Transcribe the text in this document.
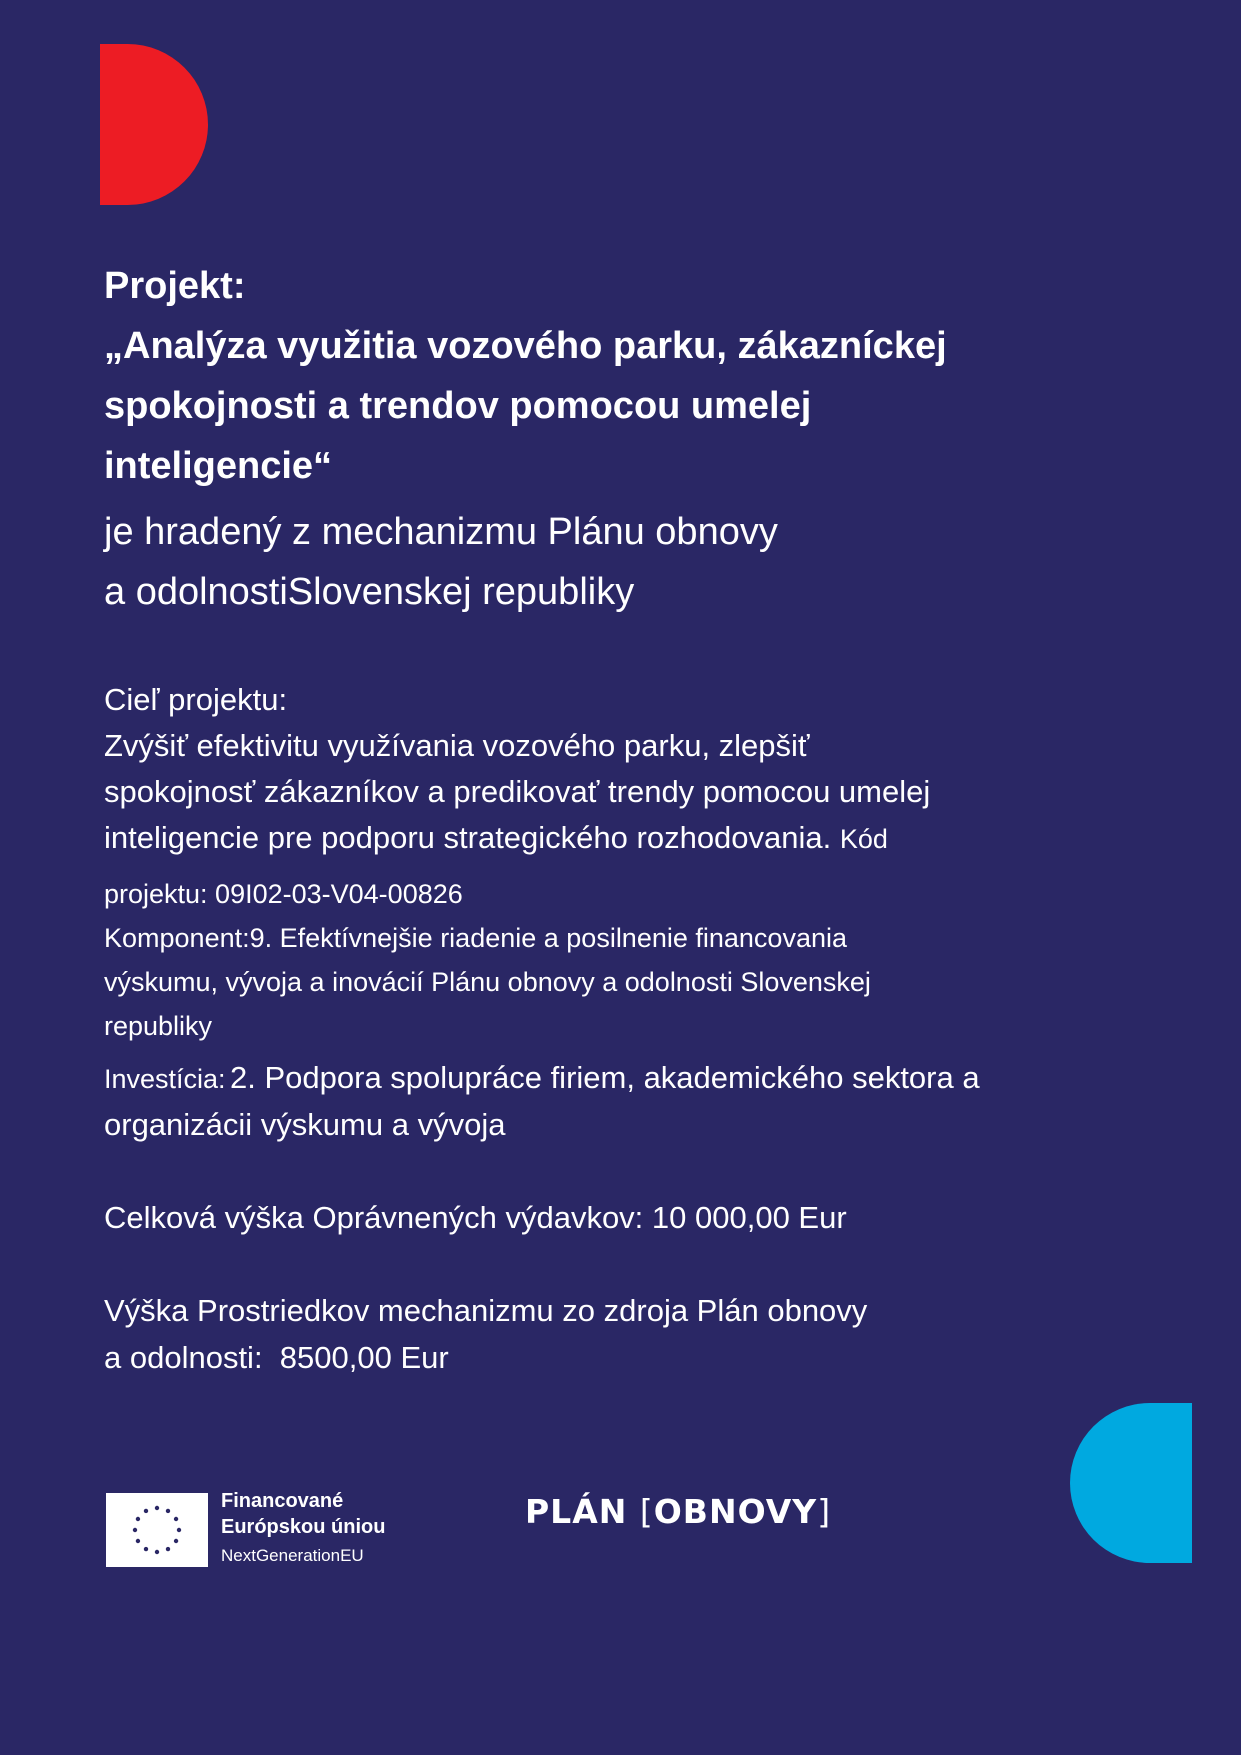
Projekt:
„Analýza využitia vozového parku, zákazníckej
spokojnosti a trendov pomocou umelej
inteligencie“
je hradený z mechanizmu Plánu obnovy
a odolnostiSlovenskej republiky
Cieľ projektu:
Zvýšiť efektivitu využívania vozového parku, zlepšiť
spokojnosť zákazníkov a predikovať trendy pomocou umelej
inteligencie pre podporu strategického rozhodovania. Kód
projektu: 09I02-03-V04-00826
Komponent:9. Efektívnejšie riadenie a posilnenie financovania
výskumu, vývoja a inovácií Plánu obnovy a odolnosti Slovenskej
republiky
Investícia: 2. Podpora spolupráce firiem, akademického sektora a
organizácii výskumu a vývoja
Celková výška Oprávnených výdavkov: 10 000,00 Eur
Výška Prostriedkov mechanizmu zo zdroja Plán obnovy
a odolnosti:  8500,00 Eur
Financované
Európskou úniou
NextGenerationEU
PLÁN [OBNOVY]
